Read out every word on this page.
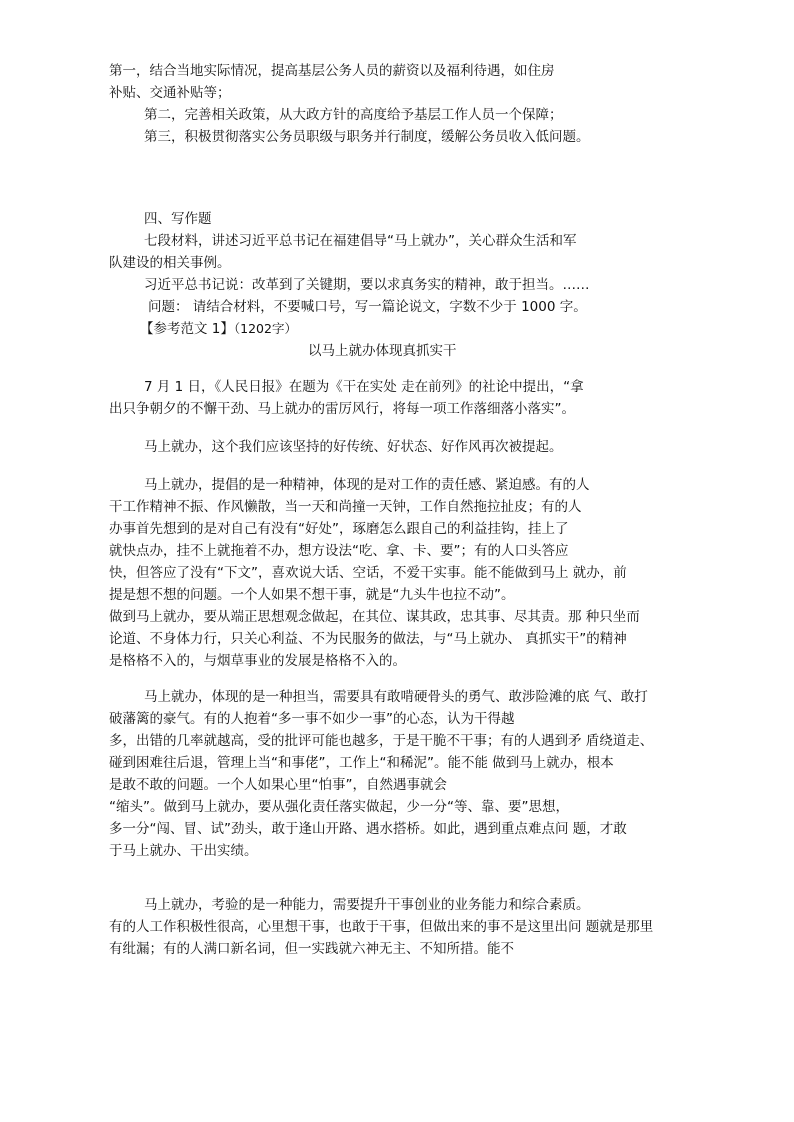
第一，结合当地实际情况，提高基层公务人员的薪资以及福利待遇，如住房

补贴、交通补贴等；

第二，完善相关政策，从大政方针的高度给予基层工作人员一个保障；

第三，积极贯彻落实公务员职级与职务并行制度，缓解公务员收入低问题。

四、写作题

七段材料，讲述习近平总书记在福建倡导“马上就办”，关心群众生活和军

队建设的相关事例。

习近平总书记说：改革到了关键期，要以求真务实的精神，敢于担当。……

问题： 请结合材料，不要喊口号，写一篇论说文，字数不少于 1000 字。

【参考范文 1】（1202字）

以马上就办体现真抓实干

7 月 1 日，《人民日报》在题为《干在实处 走在前列》的社论中提出，“拿

出只争朝夕的不懈干劲、马上就办的雷厉风行，将每一项工作落细落小落实”。

马上就办，这个我们应该坚持的好传统、好状态、好作风再次被提起。

马上就办，提倡的是一种精神，体现的是对工作的责任感、紧迫感。有的人

干工作精神不振、作风懒散，当一天和尚撞一天钟，工作自然拖拉扯皮；有的人

办事首先想到的是对自己有没有“好处”，琢磨怎么跟自己的利益挂钩，挂上了

就快点办，挂不上就拖着不办，想方设法“吃、拿、卡、要”；有的人口头答应

快，但答应了没有“下文”，喜欢说大话、空话，不爱干实事。能不能做到马上 就办，前

提是想不想的问题。一个人如果不想干事，就是“九头牛也拉不动”。

做到马上就办，要从端正思想观念做起，在其位、谋其政，忠其事、尽其责。那 种只坐而

论道、不身体力行，只关心利益、不为民服务的做法，与“马上就办、 真抓实干”的精神

是格格不入的，与烟草事业的发展是格格不入的。

马上就办，体现的是一种担当，需要具有敢啃硬骨头的勇气、敢涉险滩的底 气、敢打

破藩篱的豪气。有的人抱着“多一事不如少一事”的心态，认为干得越

多，出错的几率就越高，受的批评可能也越多，于是干脆不干事；有的人遇到矛 盾绕道走、

碰到困难往后退，管理上当“和事佬”，工作上“和稀泥”。能不能 做到马上就办，根本

是敢不敢的问题。一个人如果心里“怕事”，自然遇事就会

“缩头”。做到马上就办，要从强化责任落实做起，少一分“等、靠、要”思想，

多一分“闯、冒、试”劲头，敢于逢山开路、遇水搭桥。如此，遇到重点难点问 题，才敢

于马上就办、干出实绩。

马上就办，考验的是一种能力，需要提升干事创业的业务能力和综合素质。

有的人工作积极性很高，心里想干事，也敢于干事，但做出来的事不是这里出问 题就是那里

有纰漏；有的人满口新名词，但一实践就六神无主、不知所措。能不
